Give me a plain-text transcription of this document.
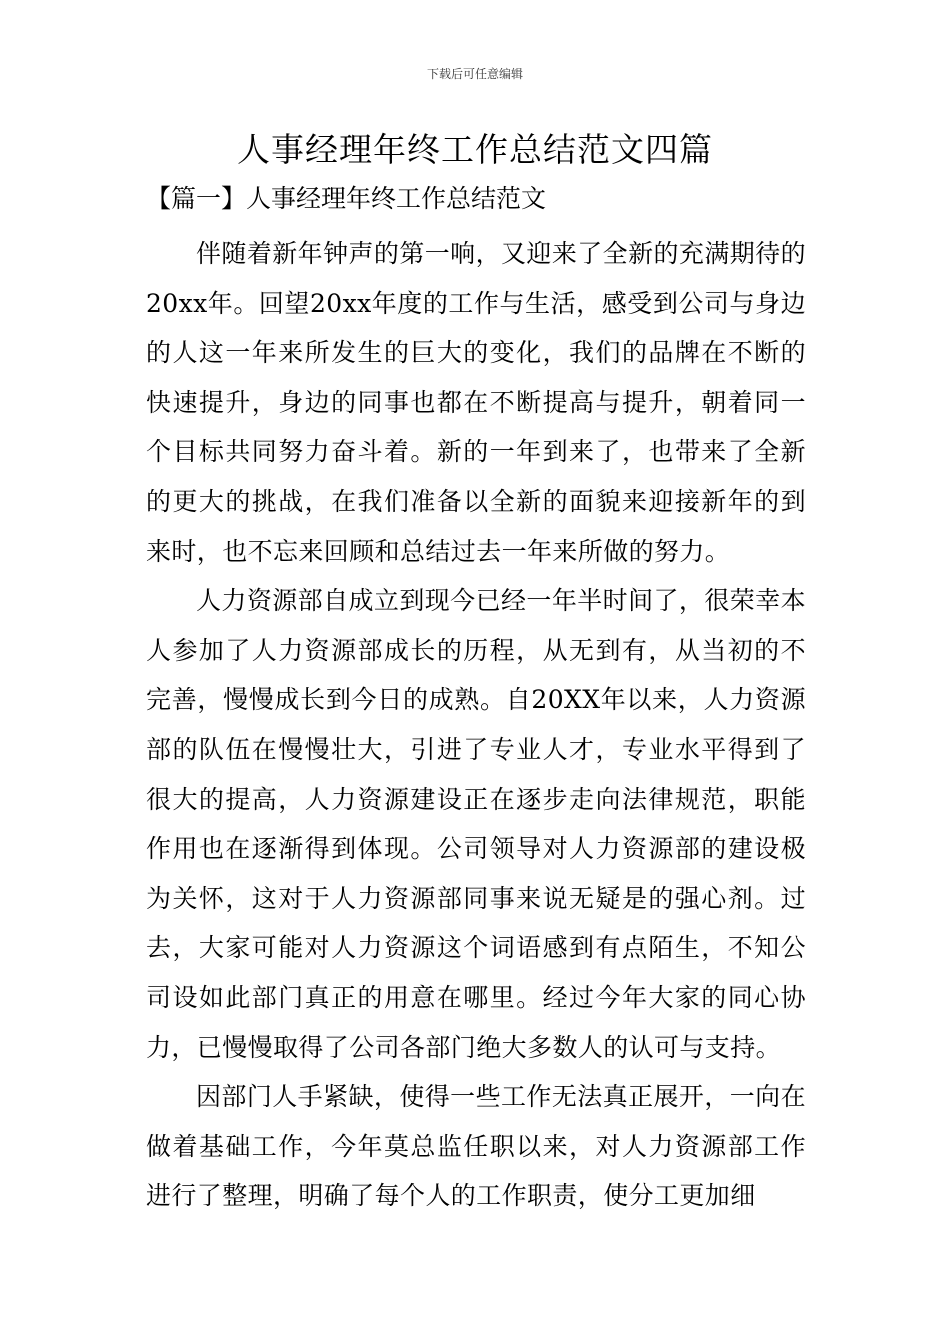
下载后可任意编辑
人事经理年终工作总结范文四篇
【篇一】人事经理年终工作总结范文

伴随着新年钟声的第一响，又迎来了全新的充满期待的20xx年。回望20xx年度的工作与生活，感受到公司与身边的人这一年来所发生的巨大的变化，我们的品牌在不断的快速提升，身边的同事也都在不断提高与提升，朝着同一个目标共同努力奋斗着。新的一年到来了，也带来了全新的更大的挑战，在我们准备以全新的面貌来迎接新年的到来时，也不忘来回顾和总结过去一年来所做的努力。

人力资源部自成立到现今已经一年半时间了，很荣幸本人参加了人力资源部成长的历程，从无到有，从当初的不完善，慢慢成长到今日的成熟。自20XX年以来，人力资源部的队伍在慢慢壮大，引进了专业人才，专业水平得到了很大的提高，人力资源建设正在逐步走向法律规范，职能作用也在逐渐得到体现。公司领导对人力资源部的建设极为关怀，这对于人力资源部同事来说无疑是的强心剂。过去，大家可能对人力资源这个词语感到有点陌生，不知公司设如此部门真正的用意在哪里。经过今年大家的同心协力，已慢慢取得了公司各部门绝大多数人的认可与支持。

因部门人手紧缺，使得一些工作无法真正展开，一向在做着基础工作，今年莫总监任职以来，对人力资源部工作进行了整理，明确了每个人的工作职责，使分工更加细
